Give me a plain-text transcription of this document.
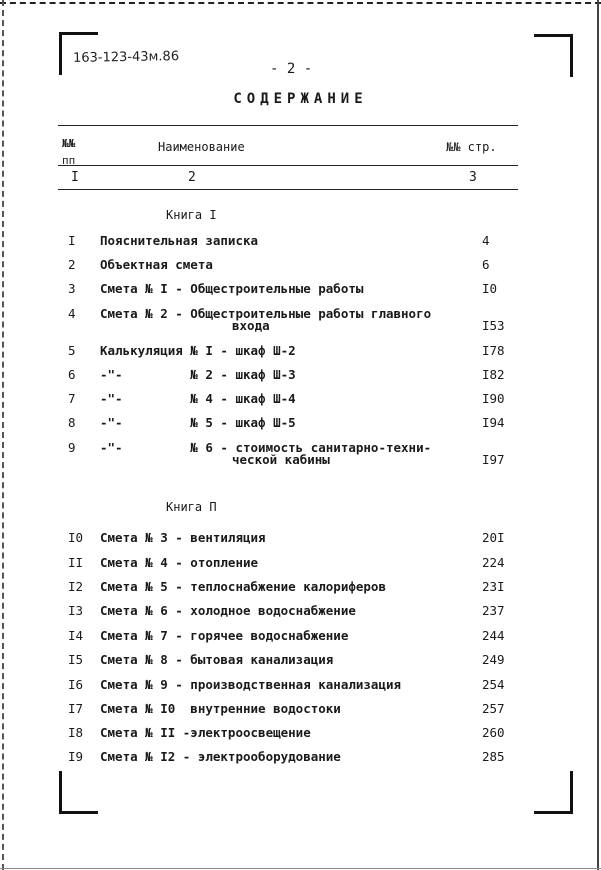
163-123-43м.86
- 2 -
СОДЕРЖАНИЕ
№№
пп
Наименование	№№ стр.
I	2	3
Книга I
I Пояснительная записка	4
2 Объектная смета	6
3 Смета № I - Общестроительные работы	I0
4 Смета № 2 - Общестроительные работы главного
входа	I53
5 Калькуляция № I - шкаф Ш-2	I78
6 -"-         № 2 - шкаф Ш-3	I82
7 -"-         № 4 - шкаф Ш-4	I90
8 -"-         № 5 - шкаф Ш-5	I94
9 -"-         № 6 - стоимость санитарно-техни-
ческой кабины	I97
Книга П
I0 Смета № 3 - вентиляция	20I
II Смета № 4 - отопление	224
I2 Смета № 5 - теплоснабжение калориферов	23I
I3 Смета № 6 - холодное водоснабжение	237
I4 Смета № 7 - горячее водоснабжение	244
I5 Смета № 8 - бытовая канализация	249
I6 Смета № 9 - производственная канализация	254
I7 Смета № I0  внутренние водостоки	257
I8 Смета № II -электроосвещение	260
I9 Смета № I2 - электрооборудование	285
